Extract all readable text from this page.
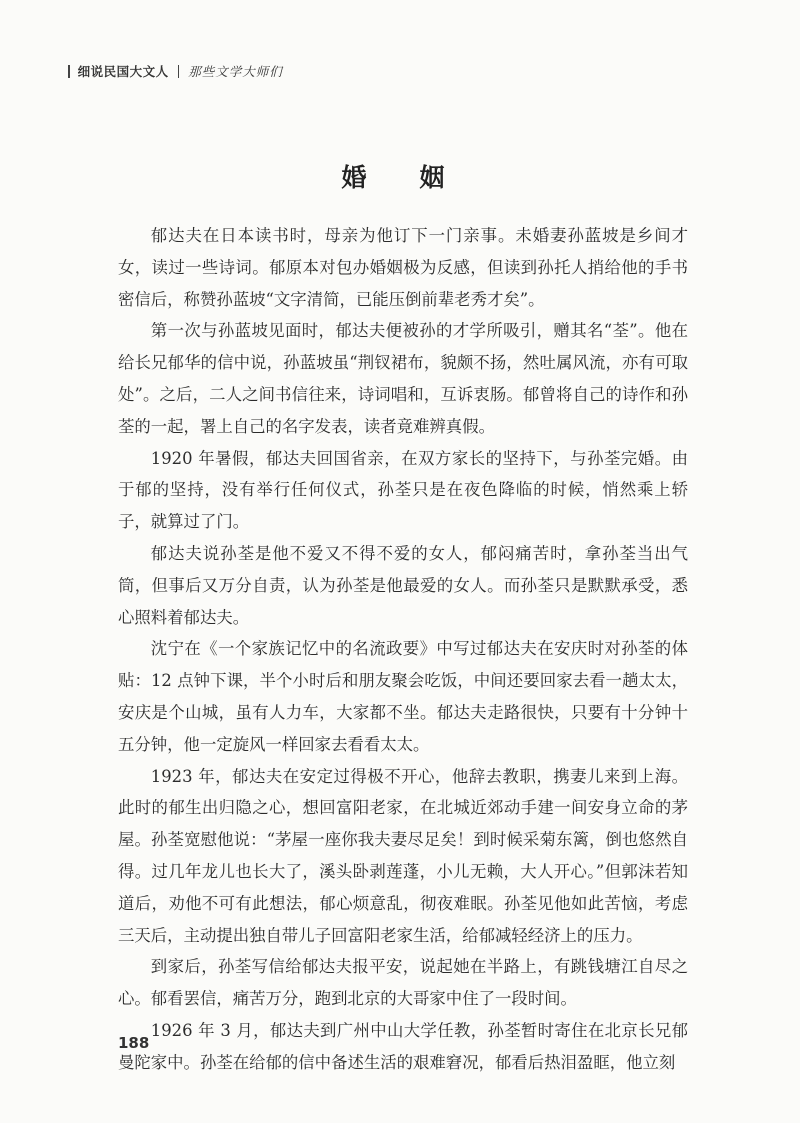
细说民国大文人 那些文学大师们
婚　姻

郁达夫在日本读书时，母亲为他订下一门亲事。未婚妻孙蓝坡是乡间才女，读过一些诗词。郁原本对包办婚姻极为反感，但读到孙托人捎给他的手书密信后，称赞孙蓝坡“文字清简，已能压倒前辈老秀才矣”。

第一次与孙蓝坡见面时，郁达夫便被孙的才学所吸引，赠其名“荃”。他在给长兄郁华的信中说，孙蓝坡虽“荆钗裙布，貌颇不扬，然吐属风流，亦有可取处”。之后，二人之间书信往来，诗词唱和，互诉衷肠。郁曾将自己的诗作和孙荃的一起，署上自己的名字发表，读者竟难辨真假。

1920 年暑假，郁达夫回国省亲，在双方家长的坚持下，与孙荃完婚。由于郁的坚持，没有举行任何仪式，孙荃只是在夜色降临的时候，悄然乘上轿子，就算过了门。

郁达夫说孙荃是他不爱又不得不爱的女人，郁闷痛苦时，拿孙荃当出气筒，但事后又万分自责，认为孙荃是他最爱的女人。而孙荃只是默默承受，悉心照料着郁达夫。

沈宁在《一个家族记忆中的名流政要》中写过郁达夫在安庆时对孙荃的体贴：12 点钟下课，半个小时后和朋友聚会吃饭，中间还要回家去看一趟太太，安庆是个山城，虽有人力车，大家都不坐。郁达夫走路很快，只要有十分钟十五分钟，他一定旋风一样回家去看看太太。

1923 年，郁达夫在安定过得极不开心，他辞去教职，携妻儿来到上海。此时的郁生出归隐之心，想回富阳老家，在北城近郊动手建一间安身立命的茅屋。孙荃宽慰他说：“茅屋一座你我夫妻尽足矣！到时候采菊东篱，倒也悠然自得。过几年龙儿也长大了，溪头卧剥莲蓬，小儿无赖，大人开心。”但郭沫若知道后，劝他不可有此想法，郁心烦意乱，彻夜难眠。孙荃见他如此苦恼，考虑三天后，主动提出独自带儿子回富阳老家生活，给郁减轻经济上的压力。

到家后，孙荃写信给郁达夫报平安，说起她在半路上，有跳钱塘江自尽之心。郁看罢信，痛苦万分，跑到北京的大哥家中住了一段时间。

1926 年 3 月，郁达夫到广州中山大学任教，孙荃暂时寄住在北京长兄郁曼陀家中。孙荃在给郁的信中备述生活的艰难窘况，郁看后热泪盈眶，他立刻

188
